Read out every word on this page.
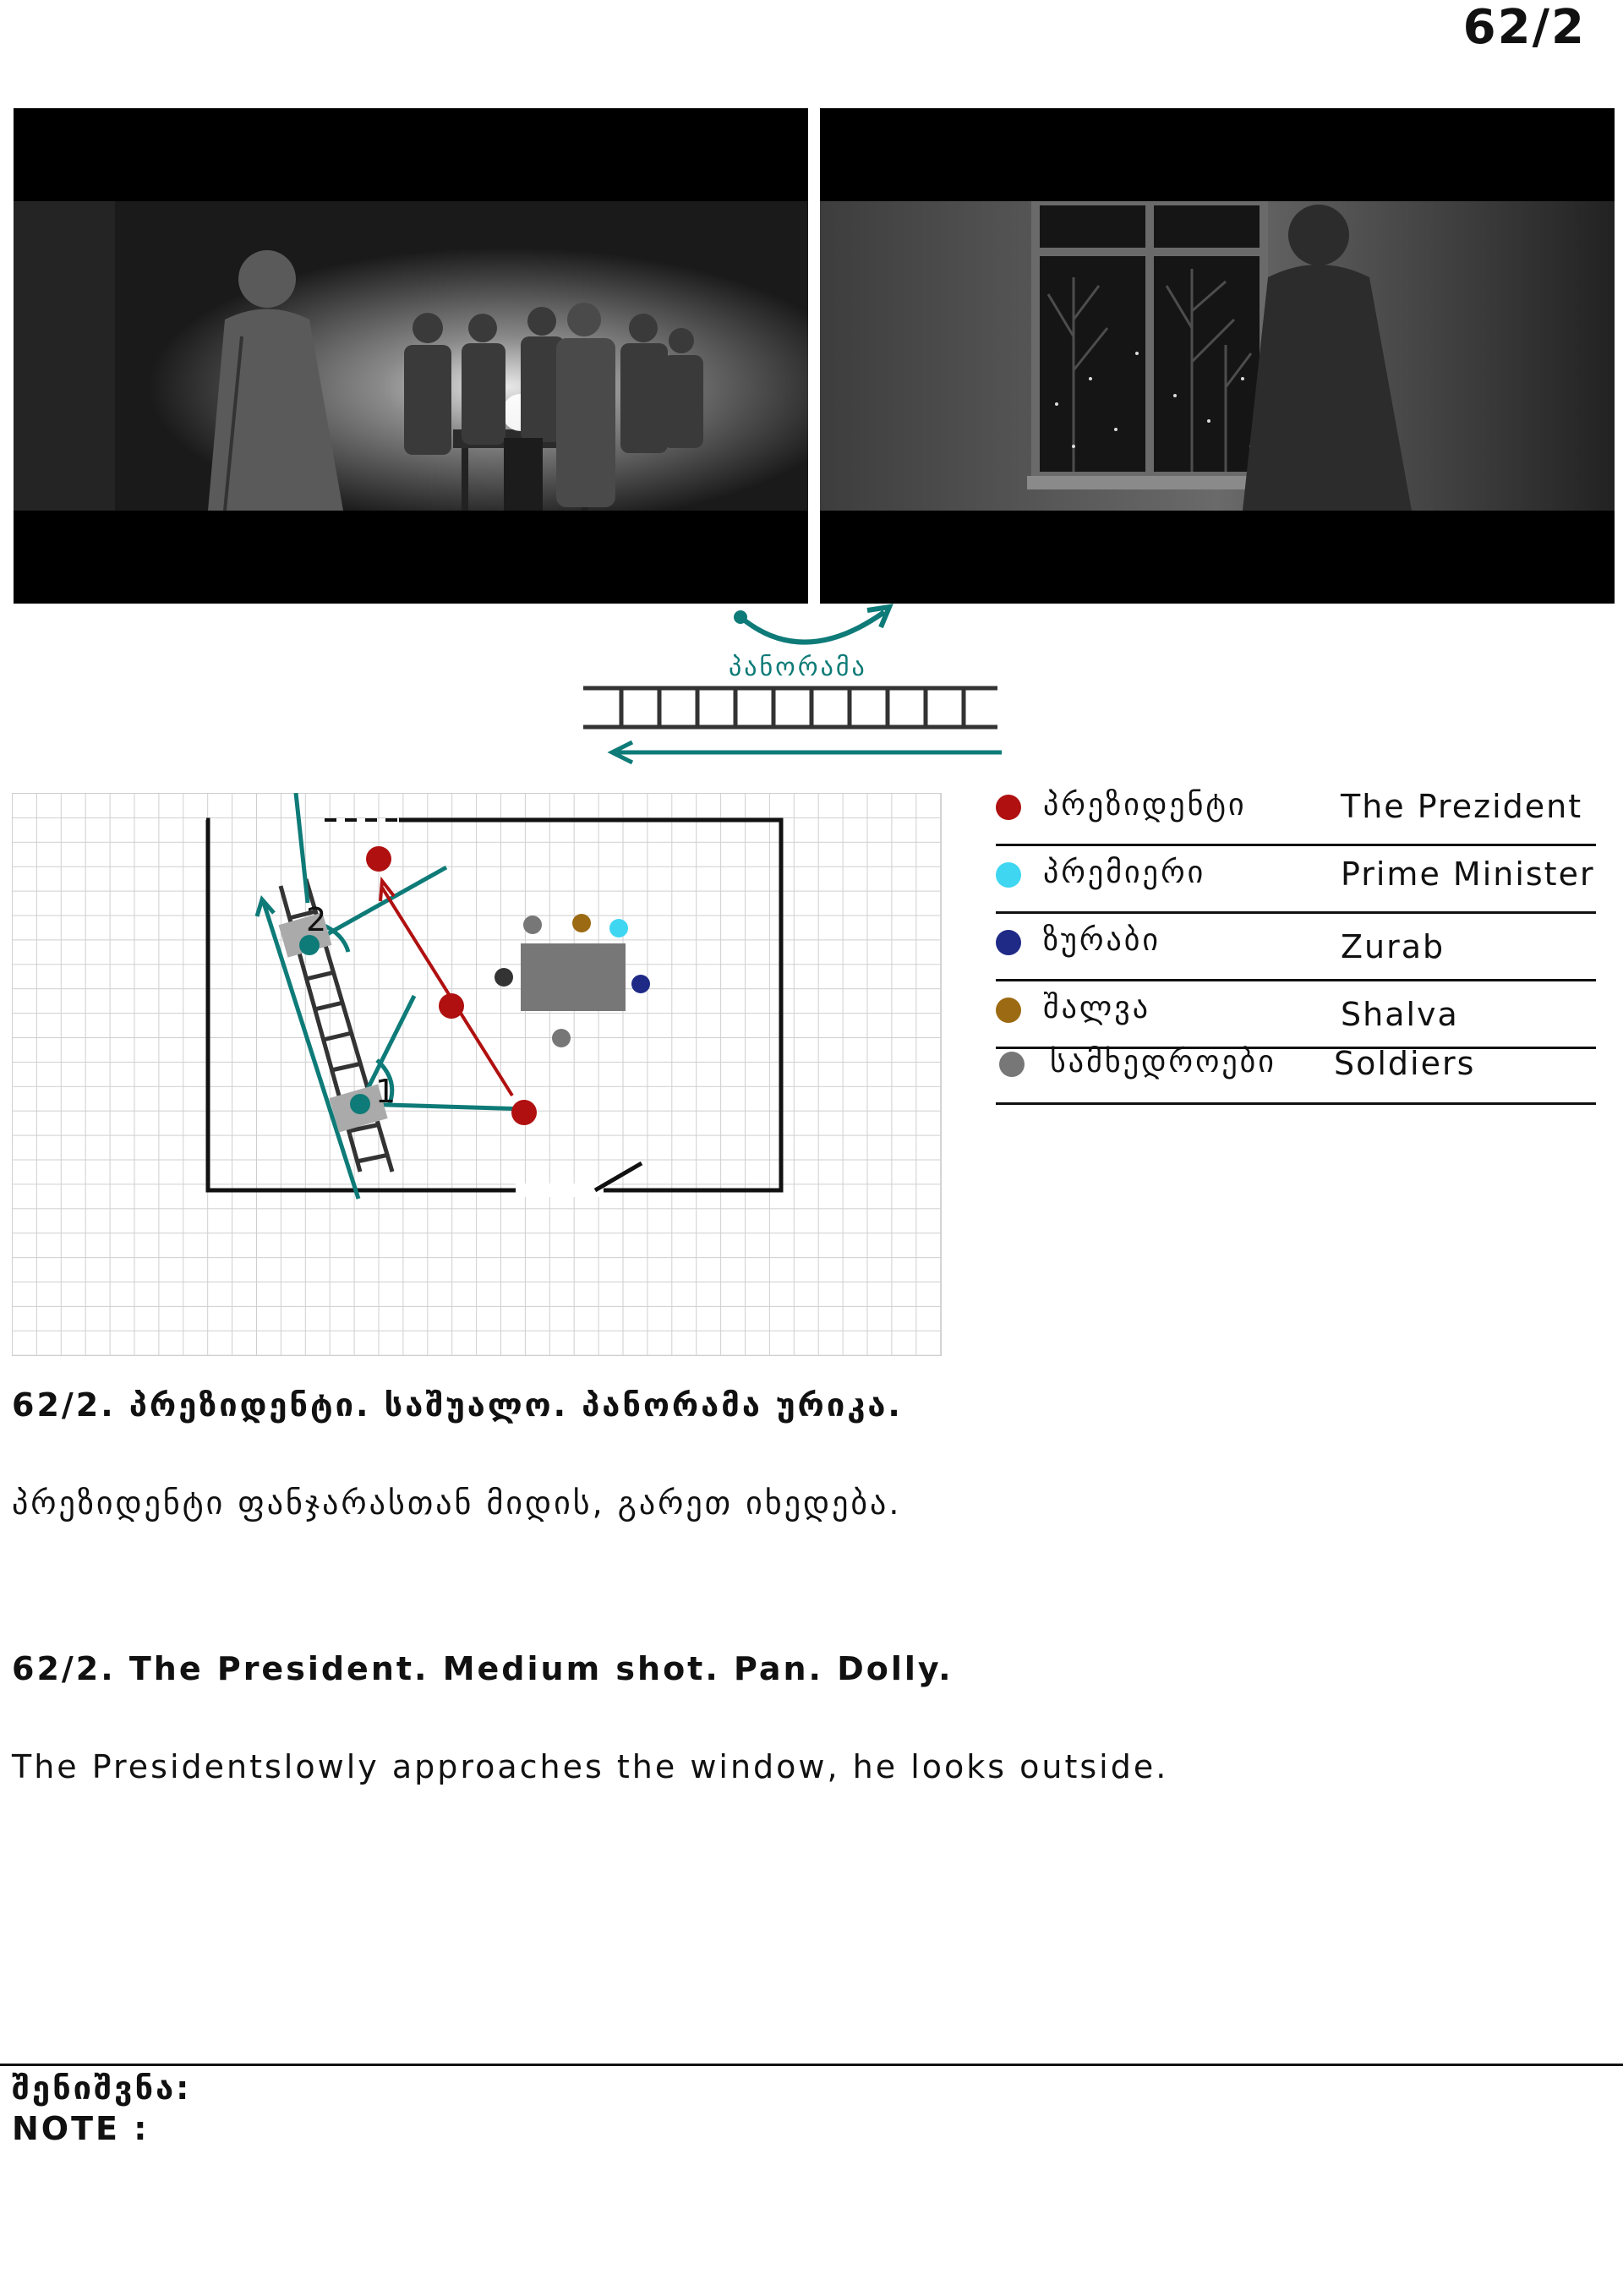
62/2
პანორამა
2
1
პრეზიდენტი	The Prezident
პრემიერი	Prime Minister
ზურაბი	Zurab
შალვა	Shalva
სამხედროები Soldiers
62/2. პრეზიდენტი. საშუალო. პანორამა ურიკა.
პრეზიდენტი ფანჯარასთან მიდის, გარეთ იხედება.
62/2. The President. Medium shot. Pan. Dolly.
The Presidentslowly approaches the window, he looks outside.
შენიშვნა:
NOTE :
